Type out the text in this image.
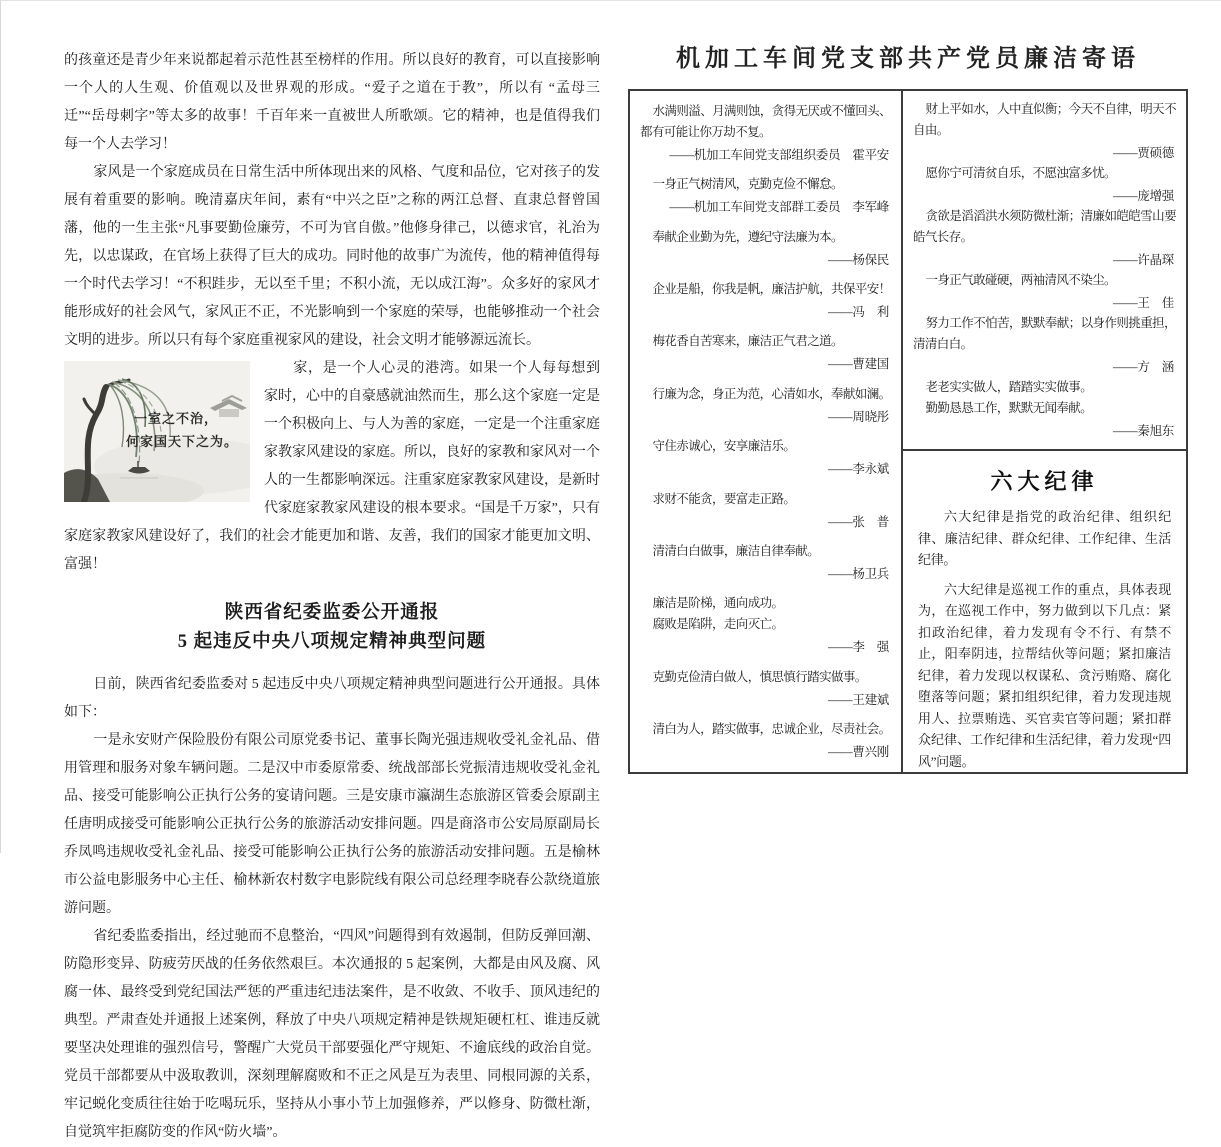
的孩童还是青少年来说都起着示范性甚至榜样的作用。所以良好的教育，可以直接影响一个人的人生观、价值观以及世界观的形成。“爱子之道在于教”，所以有 “孟母三迁”“岳母刺字”等太多的故事！千百年来一直被世人所歌颂。它的精神，也是值得我们每一个人去学习！

家风是一个家庭成员在日常生活中所体现出来的风格、气度和品位，它对孩子的发展有着重要的影响。晚清嘉庆年间，素有“中兴之臣”之称的两江总督、直隶总督曾国藩，他的一生主张“凡事要勤俭廉劳，不可为官自傲。”他修身律己，以德求官，礼治为先，以忠谋政，在官场上获得了巨大的成功。同时他的故事广为流传，他的精神值得每一个时代去学习！“不积跬步，无以至千里；不积小流，无以成江海”。众多好的家风才能形成好的社会风气，家风正不正，不光影响到一个家庭的荣辱，也能够推动一个社会文明的进步。所以只有每个家庭重视家风的建设，社会文明才能够源远流长。

一室之不治，
何家国天下之为。

家，是一个人心灵的港湾。如果一个人每每想到家时，心中的自豪感就油然而生，那么这个家庭一定是一个积极向上、与人为善的家庭，一定是一个注重家庭家教家风建设的家庭。所以，良好的家教和家风对一个人的一生都影响深远。注重家庭家教家风建设，是新时代家庭家教家风建设的根本要求。“国是千万家”，只有家庭家教家风建设好了，我们的社会才能更加和谐、友善，我们的国家才能更加文明、富强！

陕西省纪委监委公开通报
5 起违反中央八项规定精神典型问题

日前，陕西省纪委监委对 5 起违反中央八项规定精神典型问题进行公开通报。具体如下：

一是永安财产保险股份有限公司原党委书记、董事长陶光强违规收受礼金礼品、借用管理和服务对象车辆问题。二是汉中市委原常委、统战部部长党振清违规收受礼金礼品、接受可能影响公正执行公务的宴请问题。三是安康市瀛湖生态旅游区管委会原副主任唐明成接受可能影响公正执行公务的旅游活动安排问题。四是商洛市公安局原副局长乔凤鸣违规收受礼金礼品、接受可能影响公正执行公务的旅游活动安排问题。五是榆林市公益电影服务中心主任、榆林新农村数字电影院线有限公司总经理李晓春公款绕道旅游问题。

省纪委监委指出，经过驰而不息整治，“四风”问题得到有效遏制，但防反弹回潮、防隐形变异、防疲劳厌战的任务依然艰巨。本次通报的 5 起案例，大都是由风及腐、风腐一体、最终受到党纪国法严惩的严重违纪违法案件，是不收敛、不收手、顶风违纪的典型。严肃查处并通报上述案例，释放了中央八项规定精神是铁规矩硬杠杠、谁违反就要坚决处理谁的强烈信号，警醒广大党员干部要强化严守规矩、不逾底线的政治自觉。党员干部都要从中汲取教训，深刻理解腐败和不正之风是互为表里、同根同源的关系，牢记蜕化变质往往始于吃喝玩乐，坚持从小事小节上加强修养，严以修身、防微杜渐，自觉筑牢拒腐防变的作风“防火墙”。

机加工车间党支部共产党员廉洁寄语

水满则溢、月满则蚀，贪得无厌或不懂回头、都有可能让你万劫不复。

——机加工车间党支部组织委员　霍平安

一身正气树清风，克勤克俭不懈怠。

——机加工车间党支部群工委员　李军峰

奉献企业勤为先，遵纪守法廉为本。

——杨保民

企业是船，你我是帆，廉洁护航，共保平安！

——冯　利

梅花香自苦寒来，廉洁正气君之道。

——曹建国

行廉为念，身正为范，心清如水，奉献如澜。

——周晓彤

守住赤诚心，安享廉洁乐。

——李永斌

求财不能贪，要富走正路。

——张　普

清清白白做事，廉洁自律奉献。

——杨卫兵

廉洁是阶梯，通向成功。

腐败是陷阱，走向灭亡。

——李　强

克勤克俭清白做人，慎思慎行踏实做事。

——王建斌

清白为人，踏实做事，忠诚企业，尽责社会。

——曹兴刚

财上平如水，人中直似衡；今天不自律，明天不自由。

——贾硕德

愿你宁可清贫自乐，不愿浊富多忧。

——庞增强

贪欲是滔滔洪水须防微杜渐；清廉如皑皑雪山要皓气长存。

——许晶琛

一身正气敢碰硬，两袖清风不染尘。

——王　佳

努力工作不怕苦，默默奉献；以身作则挑重担，清清白白。

——方　涵

老老实实做人，踏踏实实做事。

勤勤恳恳工作，默默无闻奉献。

——秦旭东

六大纪律

六大纪律是指党的政治纪律、组织纪律、廉洁纪律、群众纪律、工作纪律、生活纪律。

六大纪律是巡视工作的重点，具体表现为，在巡视工作中，努力做到以下几点：紧扣政治纪律，着力发现有令不行、有禁不止，阳奉阴违，拉帮结伙等问题；紧扣廉洁纪律，着力发现以权谋私、贪污贿赂、腐化堕落等问题；紧扣组织纪律，着力发现违规用人、拉票贿选、买官卖官等问题；紧扣群众纪律、工作纪律和生活纪律，着力发现“四风”问题。
